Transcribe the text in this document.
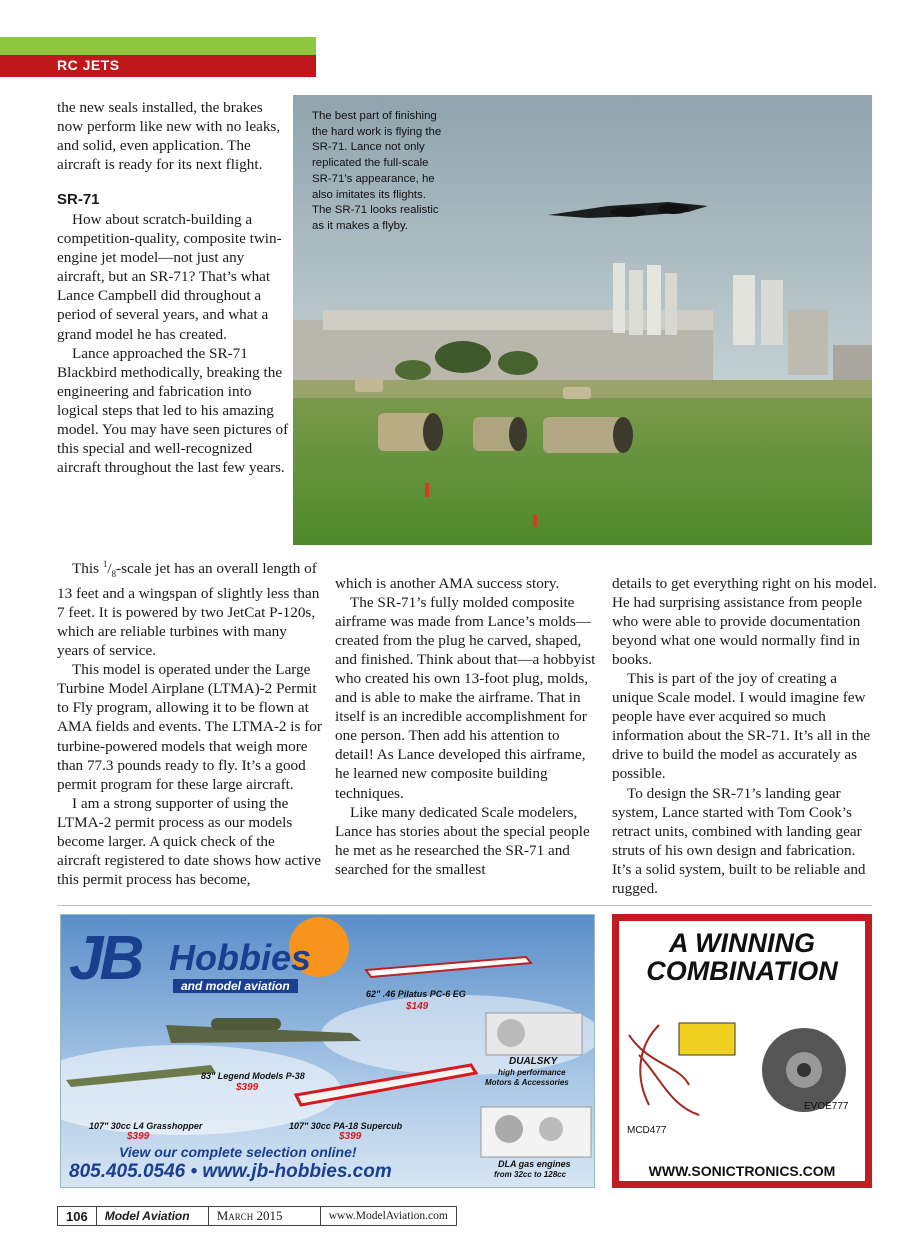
RC JETS

the new seals installed, the brakes now perform like new with no leaks, and solid, even application. The aircraft is ready for its next flight.

SR-71

How about scratch-building a competition-quality, composite twin-engine jet model—not just any aircraft, but an SR-71? That’s what Lance Campbell did throughout a period of several years, and what a grand model he has created.

Lance approached the SR-71 Blackbird methodically, breaking the engineering and fabrication into logical steps that led to his amazing model. You may have seen pictures of this special and well-recognized aircraft throughout the last few years.

This $^1/_8$-scale jet has an overall length of 13 feet and a wingspan of slightly less than 7 feet. It is powered by two JetCat P-120s, which are reliable turbines with many years of service.

This model is operated under the Large Turbine Model Airplane (LTMA)-2 Permit to Fly program, allowing it to be flown at AMA fields and events. The LTMA-2 is for turbine-powered models that weigh more than 77.3 pounds ready to fly. It’s a good permit program for these large aircraft.

I am a strong supporter of using the LTMA-2 permit process as our models become larger. A quick check of the aircraft registered to date shows how active this permit process has become,

which is another AMA success story.

The SR-71’s fully molded composite airframe was made from Lance’s molds—created from the plug he carved, shaped, and finished. Think about that—a hobbyist who created his own 13-foot plug, molds, and is able to make the airframe. That in itself is an incredible accomplishment for one person. Then add his attention to detail! As Lance developed this airframe, he learned new composite building techniques.

Like many dedicated Scale modelers, Lance has stories about the special people he met as he researched the SR-71 and searched for the smallest

details to get everything right on his model. He had surprising assistance from people who were able to provide documentation beyond what one would normally find in books.

This is part of the joy of creating a unique Scale model. I would imagine few people have ever acquired so much information about the SR-71. It’s all in the drive to build the model as accurately as possible.

To design the SR-71’s landing gear system, Lance started with Tom Cook’s retract units, combined with landing gear struts of his own design and fabrication. It’s a solid system, built to be reliable and rugged.

The best part of finishing the hard work is flying the SR-71. Lance not only replicated the full-scale SR-71’s appearance, he also imitates its flights. The SR-71 looks realistic as it makes a flyby.
JB Hobbies
and model aviation
62" .46 Pilatus PC-6 EG
$149
83" Legend Models P-38
$399
107" 30cc L4 Grasshopper
$399
107" 30cc PA-18 Supercub
$399
DUALSKY
high performance
Motors & Accessories
DLA gas engines
from 32cc to 128cc
View our complete selection online!
805.405.0546 • www.jb-hobbies.com
A WINNING
COMBINATION
MCD477
EVOE777
WWW.SONICTRONICS.COM
106	Model Aviation	March 2015	www.ModelAviation.com
